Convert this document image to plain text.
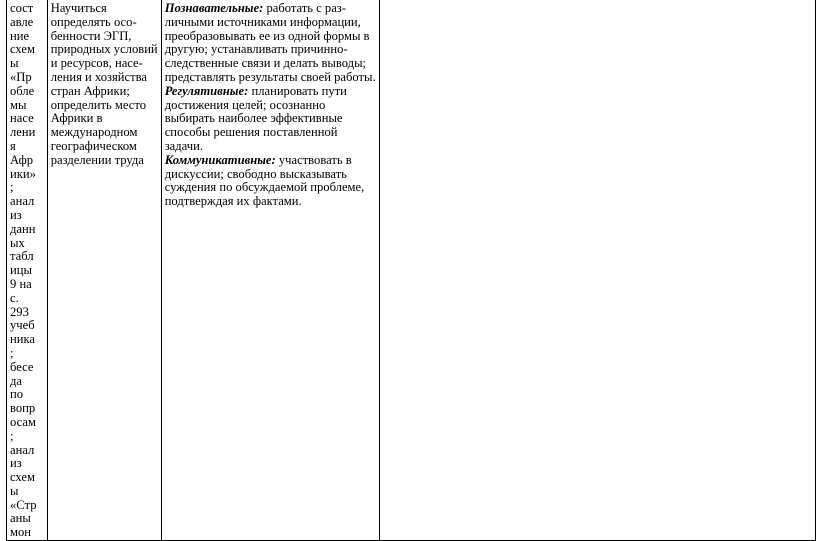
сост
авле
ние
схем
ы
«Пр
обле
мы
насе
лени
я
Афр
ики»
;
анал
из
данн
ых
табл
ицы
9 на
с.
293
учеб
ника
;
бесе
да
по
вопр
осам
;
анал
из
схем
ы
«Стр
аны
мон

Научиться
определять осо-
бенности ЭГП,
природных условий
и ресурсов, насе-
ления и хозяйства
стран Африки;
определить место
Африки в
международном
географическом
разделении труда

Познавательные: работать с раз-
личными источниками информации,
преобразовывать ее из одной формы в
другую; устанавливать причинно-
следственные связи и делать выводы;
представлять результаты своей работы.
Регулятивные: планировать пути
достижения целей; осознанно
выбирать наиболее эффективные
способы решения поставленной
задачи.
Коммуникативные: участвовать в
дискуссии; свободно высказывать
суждения по обсуждаемой проблеме,
подтверждая их фактами.
